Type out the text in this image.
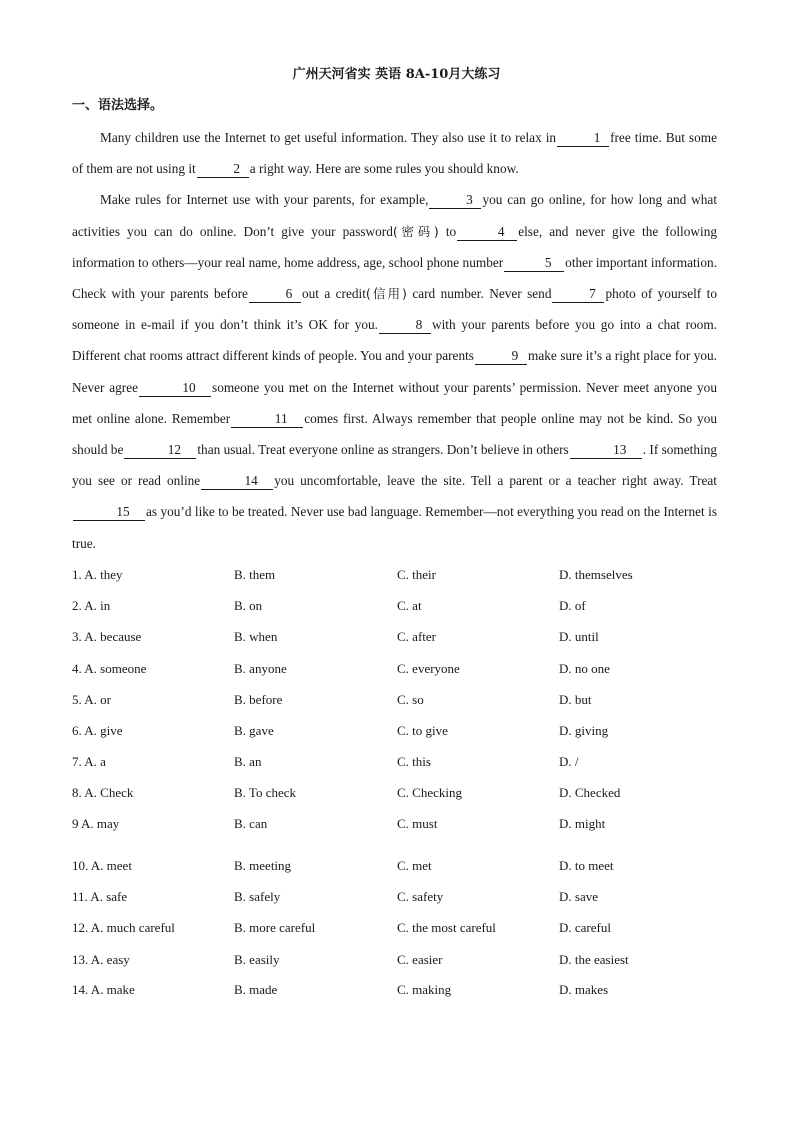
广州天河省实 英语 8A-10月大练习
一、语法选择。

Many children use the Internet to get useful information. They also use it to relax in	1 free time. But some of them are not using it	2 a right way. Here are some rules you should know.

Make rules for Internet use with your parents, for example,	3 you can go online, for how long and what activities you can do online. Don’t give your password(密码) to	4 else, and never give the following information to others—your real name, home address, age, school phone number	5 other important information. Check with your parents before	6 out a credit(信用) card number. Never send	7 photo of yourself to someone in e-mail if you don’t think it’s OK for you.	8 with your parents before you go into a chat room. Different chat rooms attract different kinds of people. You and your parents	9 make sure it’s a right place for you. Never agree	10 someone you met on the Internet without your parents’ permission. Never meet anyone you met online alone. Remember	11 comes first. Always remember that people online may not be kind. So you should be	12 than usual. Treat everyone online as strangers. Don’t believe in others	13 . If something you see or read online	14 you uncomfortable, leave the site. Tell a parent or a teacher right away. Treat15 as you’d like to be treated. Never use bad language. Remember—not everything you read on the Internet is true.

1. A. they	B. them	C. their	D. themselves
2. A. in	B. on	C. at	D. of
3. A. because	B. when	C. after	D. until
4. A. someone	B. anyone	C. everyone	D. no one
5. A. or	B. before	C. so	D. but
6. A. give	B. gave	C. to give	D. giving
7. A. a	B. an	C. this	D. /
8. A. Check	B. To check	C. Checking	D. Checked
9 A. may	B. can	C. must	D. might
10. A. meet	B. meeting	C. met	D. to meet
11. A. safe	B. safely	C. safety	D. save
12. A. much careful	B. more careful	C. the most careful	D. careful
13. A. easy	B. easily	C. easier	D. the easiest
14. A. make	B. made	C. making	D. makes
